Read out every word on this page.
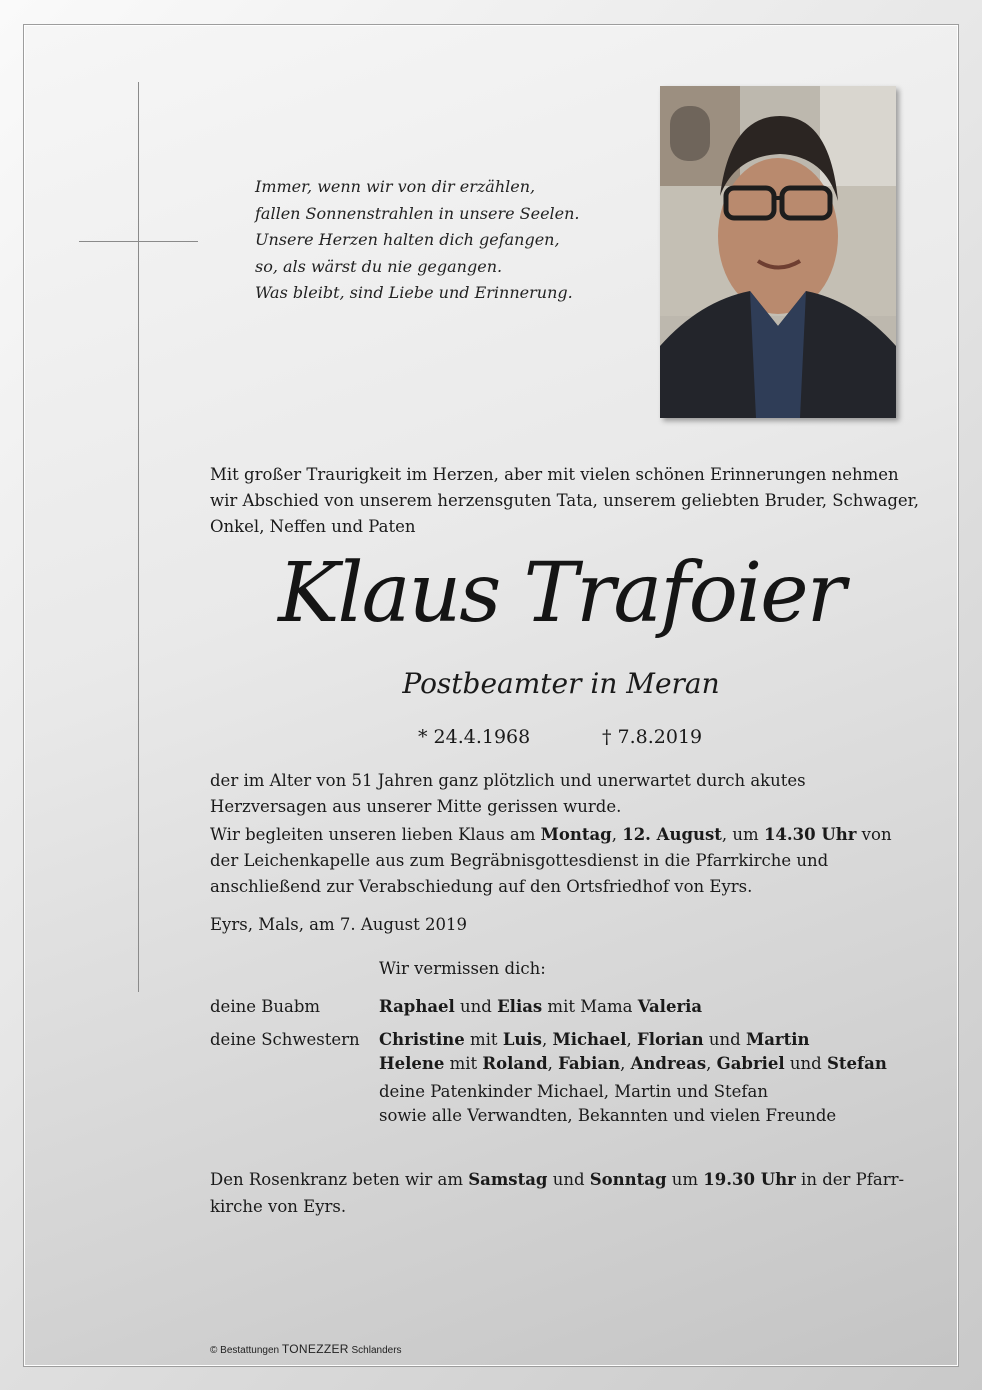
Immer, wenn wir von dir erzählen,
fallen Sonnenstrahlen in unsere Seelen.
Unsere Herzen halten dich gefangen,
so, als wärst du nie gegangen.
Was bleibt, sind Liebe und Erinnerung.
Mit großer Traurigkeit im Herzen, aber mit vielen schönen Erinnerungen nehmen wir Abschied von unserem herzensguten Tata, unserem geliebten Bruder, Schwager, Onkel, Neffen und Paten
Klaus Trafoier
Postbeamter in Meran
* 24.4.1968	† 7.8.2019
der im Alter von 51 Jahren ganz plötzlich und unerwartet durch akutes Herzversagen aus unserer Mitte gerissen wurde.
Wir begleiten unseren lieben Klaus am Montag, 12. August, um 14.30 Uhr von der Leichenkapelle aus zum Begräbnisgottesdienst in die Pfarrkirche und anschließend zur Verabschiedung auf den Ortsfriedhof von Eyrs.
Eyrs, Mals, am 7. August 2019
Wir vermissen dich:
deine Buabm	Raphael und Elias mit Mama Valeria
deine Schwestern Christine mit Luis, Michael, Florian und Martin
Helene mit Roland, Fabian, Andreas, Gabriel und Stefan
deine Patenkinder Michael, Martin und Stefan
sowie alle Verwandten, Bekannten und vielen Freunde
Den Rosenkranz beten wir am Samstag und Sonntag um 19.30 Uhr in der Pfarrkirche von Eyrs.
© Bestattungen TONEZZER Schlanders
